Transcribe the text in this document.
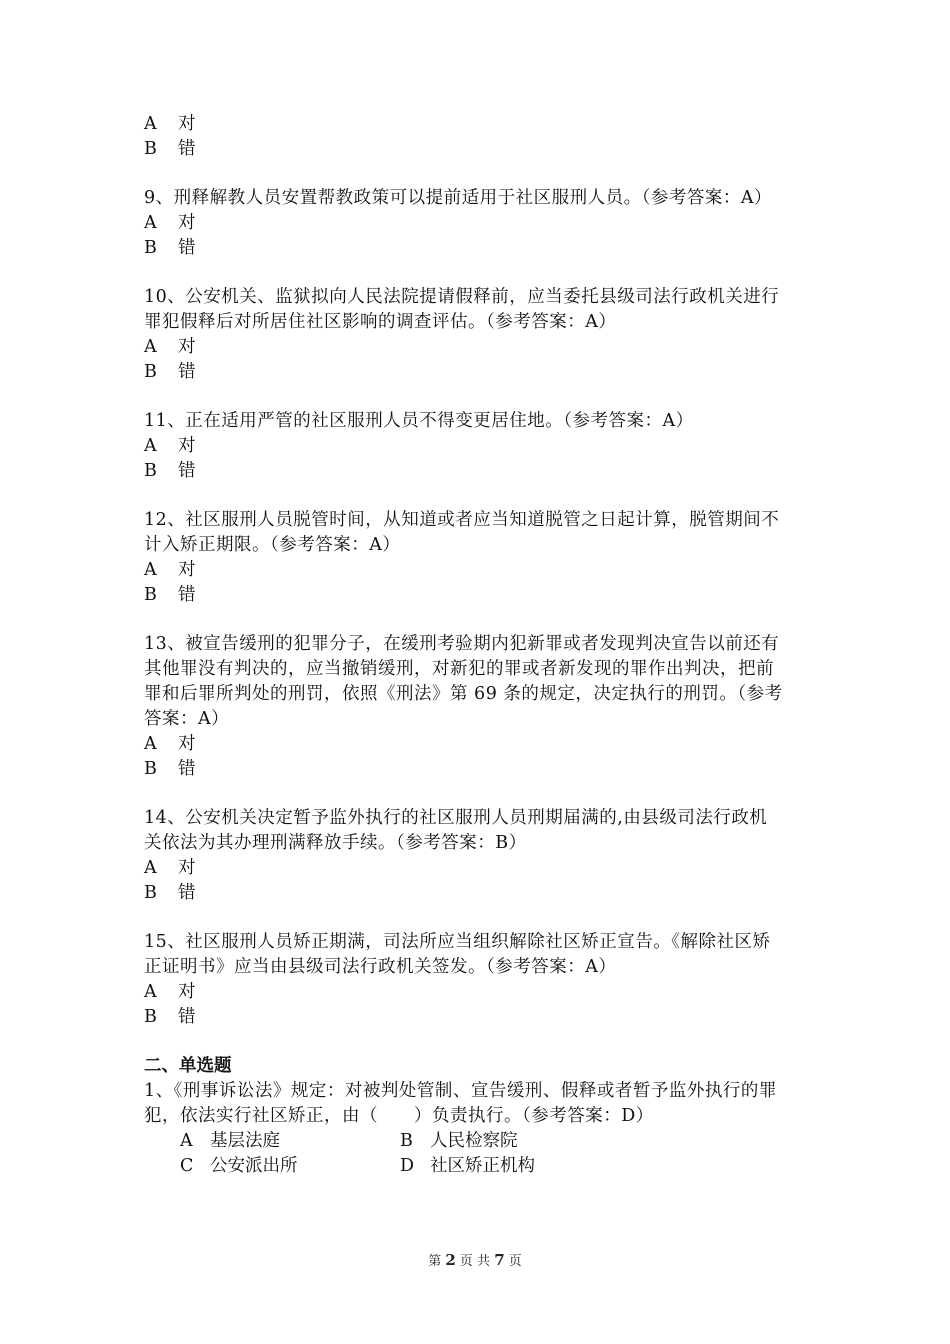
A	对
B	错
9、刑释解教人员安置帮教政策可以提前适用于社区服刑人员。（参考答案：A）
A	对
B	错
10、公安机关、监狱拟向人民法院提请假释前，应当委托县级司法行政机关进行
罪犯假释后对所居住社区影响的调查评估。（参考答案：A）
A	对
B	错
11、正在适用严管的社区服刑人员不得变更居住地。（参考答案：A）
A	对
B	错
12、社区服刑人员脱管时间，从知道或者应当知道脱管之日起计算，脱管期间不
计入矫正期限。（参考答案：A）
A	对
B	错
13、被宣告缓刑的犯罪分子，在缓刑考验期内犯新罪或者发现判决宣告以前还有
其他罪没有判决的，应当撤销缓刑，对新犯的罪或者新发现的罪作出判决，把前
罪和后罪所判处的刑罚，依照《刑法》第 69 条的规定，决定执行的刑罚。（参考
答案：A）
A	对
B	错
14、公安机关决定暂予监外执行的社区服刑人员刑期届满的,由县级司法行政机
关依法为其办理刑满释放手续。（参考答案：B）
A	对
B	错
15、社区服刑人员矫正期满，司法所应当组织解除社区矫正宣告。《解除社区矫
正证明书》应当由县级司法行政机关签发。（参考答案：A）
A	对
B	错
二、单选题
1、《刑事诉讼法》规定：对被判处管制、宣告缓刑、假释或者暂予监外执行的罪
犯，依法实行社区矫正，由（　　）负责执行。（参考答案：D）
A 基层法庭	B 人民检察院
C 公安派出所	D 社区矫正机构
第 2 页 共 7 页
